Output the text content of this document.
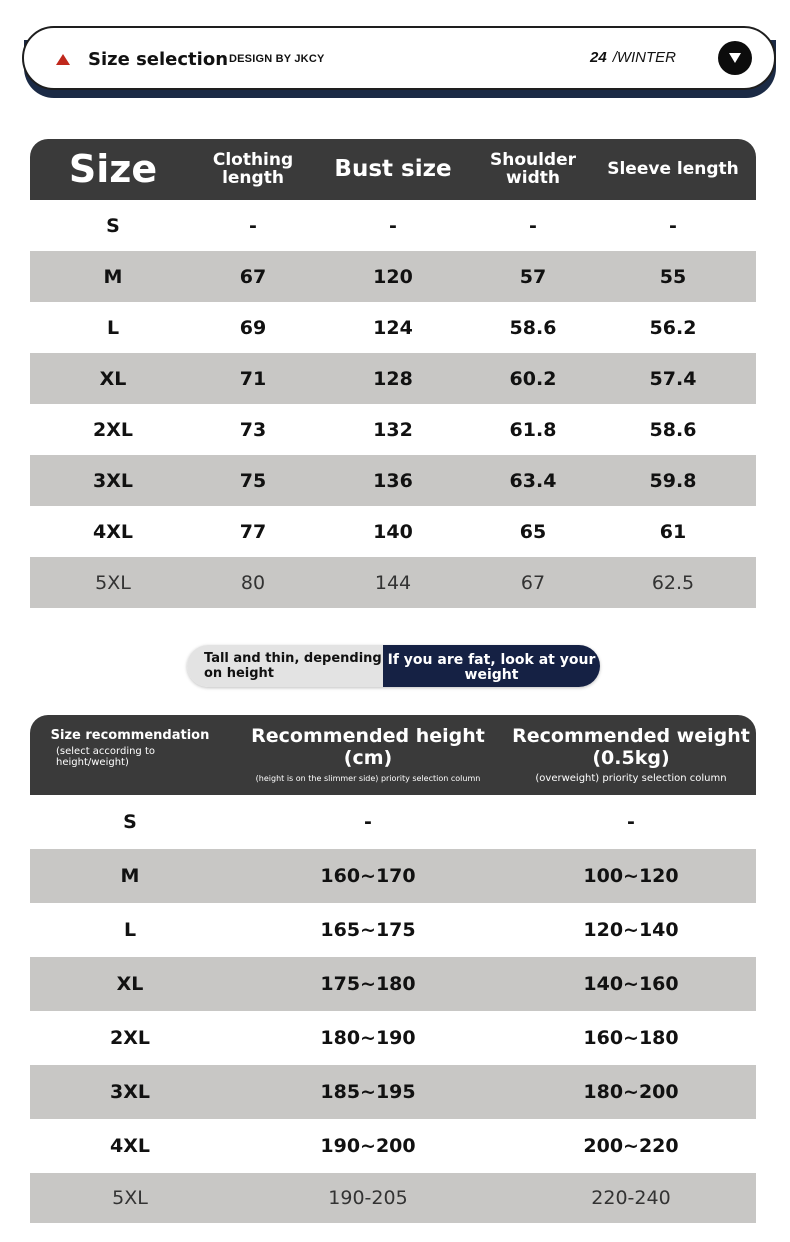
Size selection DESIGN BY JKCY	24 /WINTER
Size	Clothing length	Bust size	Shoulder width	Sleeve length
S	-	-	-	-
M	67	120	57	55
L	69	124	58.6	56.2
XL	71	128	60.2	57.4
2XL	73	132	61.8	58.6
3XL	75	136	63.4	59.8
4XL	77	140	65	61
5XL	80	144	67	62.5
Tall and thin, depending on height
If you are fat, look at your weight
Size recommendation
(select according to height/weight)
Recommended height (cm)
(height is on the slimmer side) priority selection column
Recommended weight (0.5kg)
(overweight) priority selection column
S	-	-
M	160~170	100~120
L	165~175	120~140
XL	175~180	140~160
2XL	180~190	160~180
3XL	185~195	180~200
4XL	190~200	200~220
5XL	190-205	220-240
